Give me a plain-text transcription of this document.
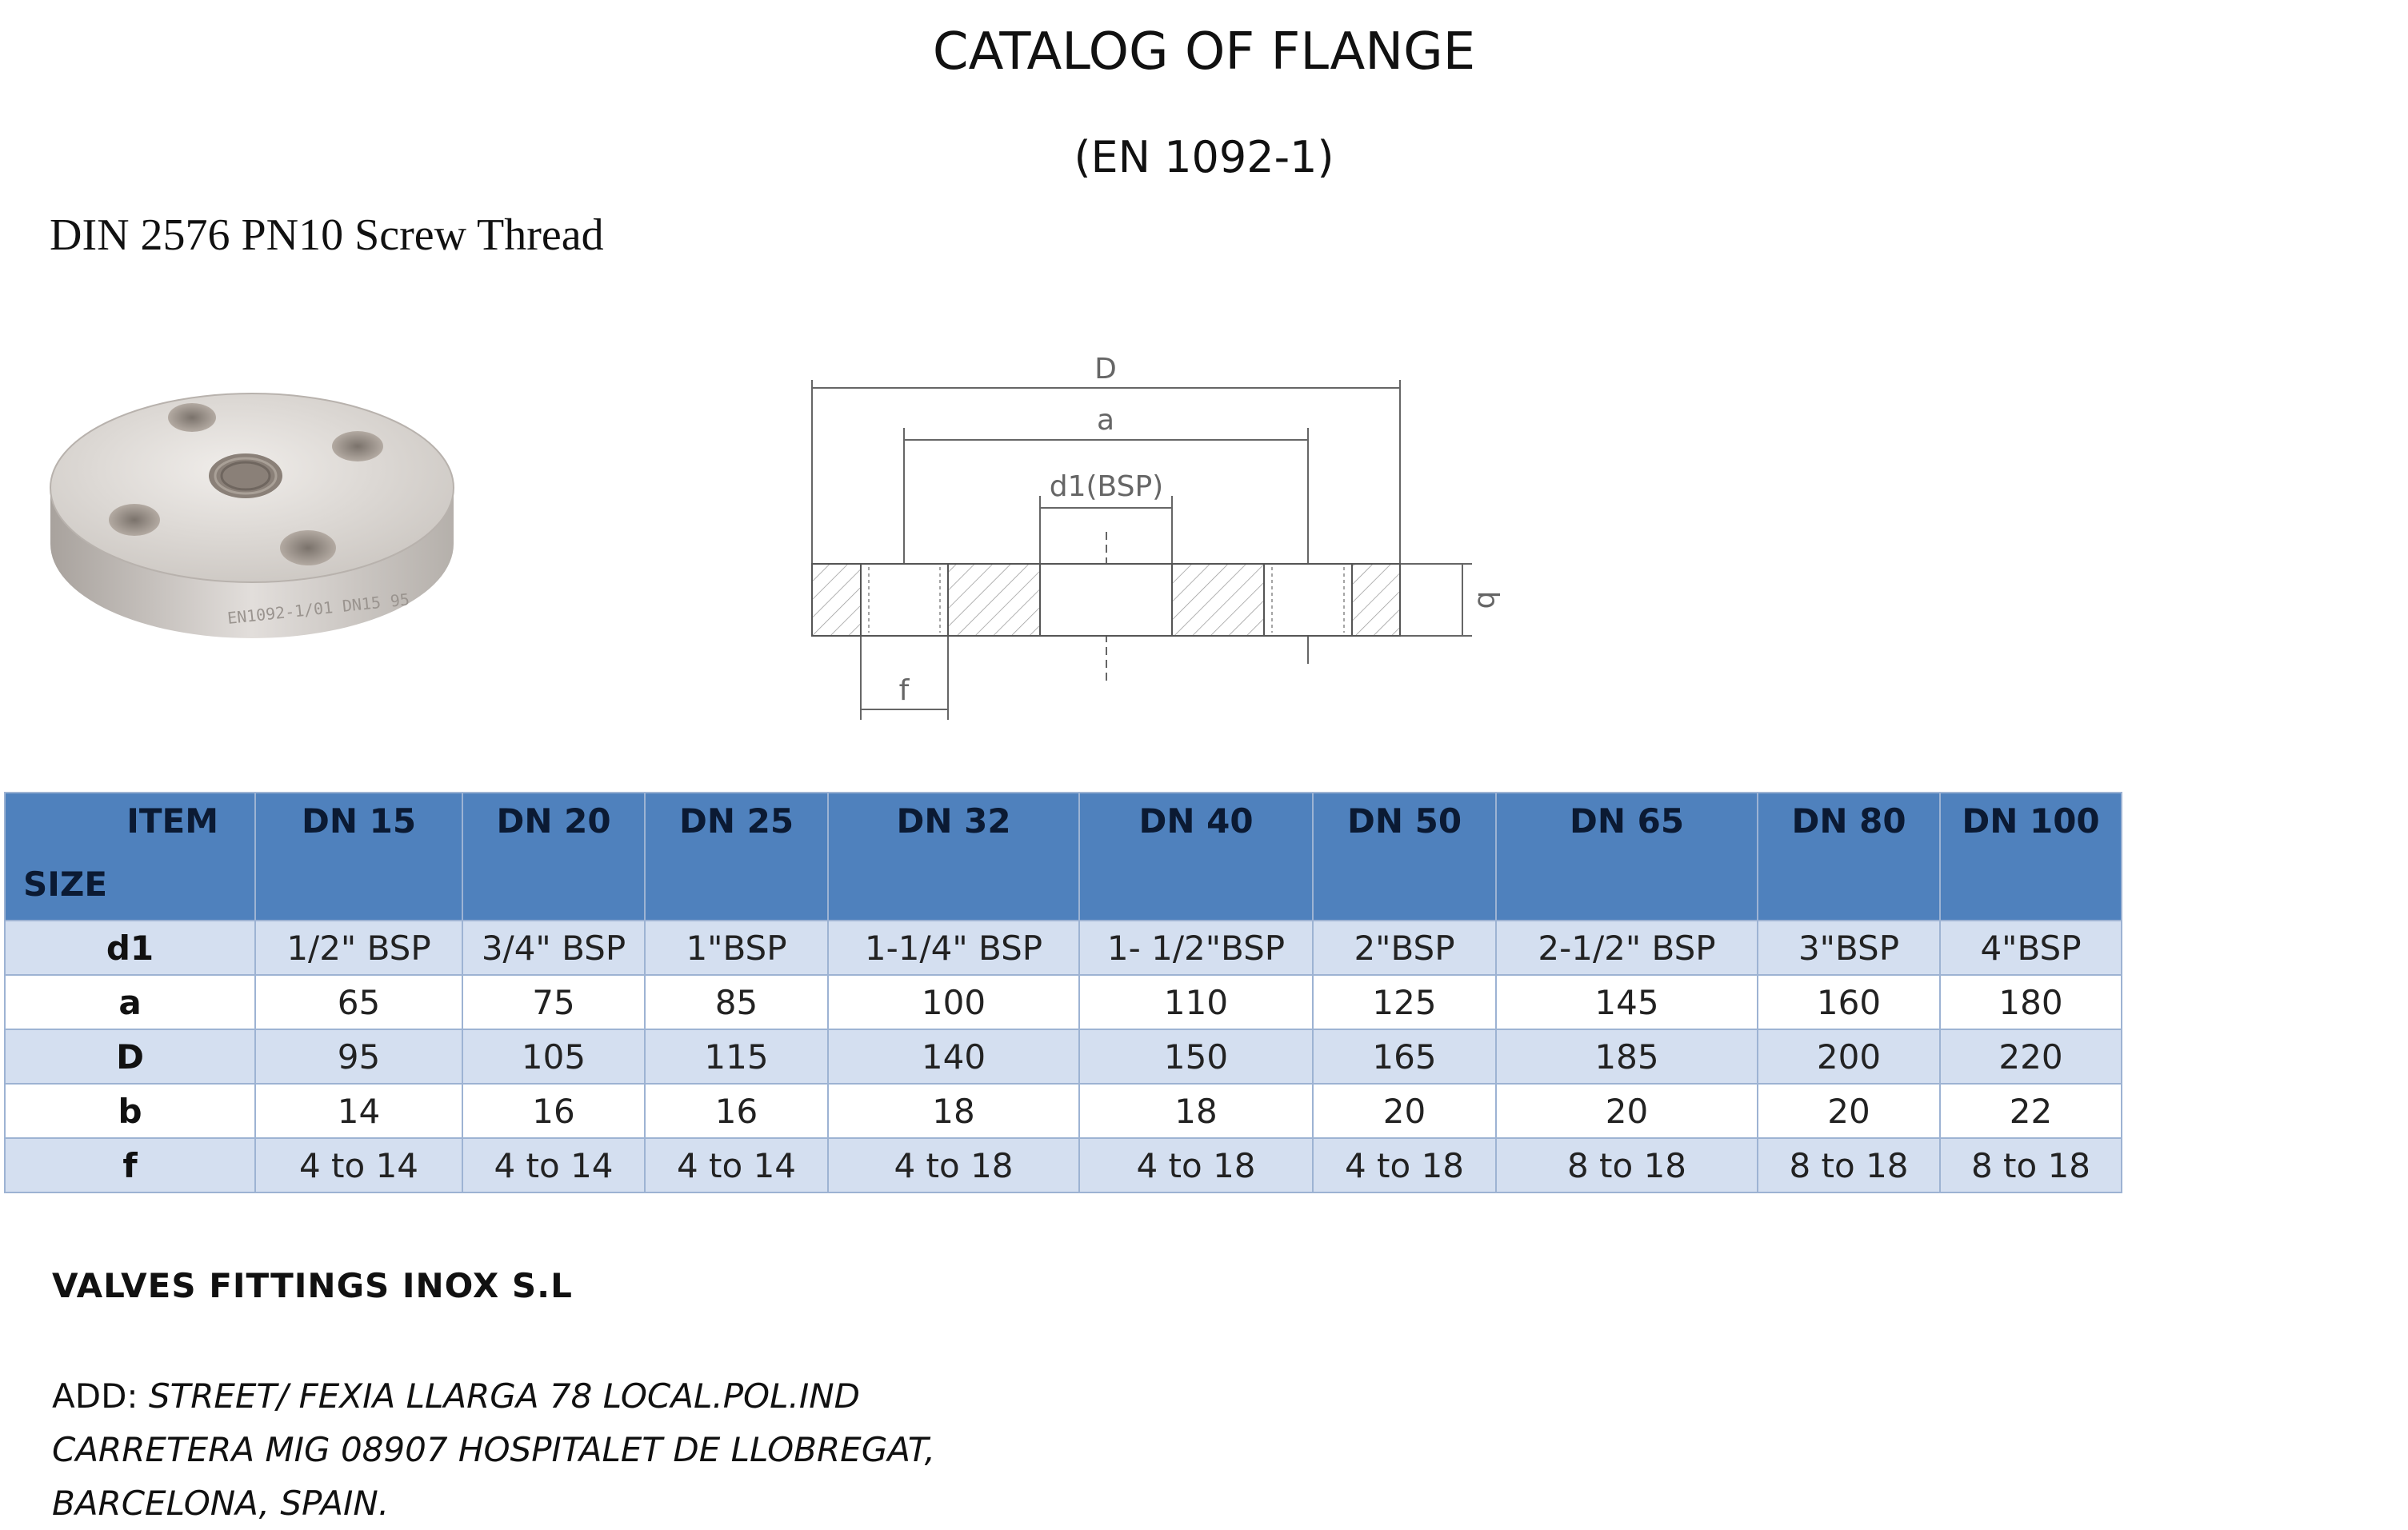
CATALOG OF FLANGE
(EN 1092-1)
DIN 2576 PN10 Screw Thread
EN1092-1/01 DN15 95
D
a
d1(BSP)
f
b
ITEM
SIZE	DN 15	DN 20	DN 25	DN 32	DN 40	DN 50	DN 65	DN 80	DN 100
d1	1/2" BSP	3/4" BSP	1"BSP	1-1/4" BSP	1- 1/2"BSP	2"BSP	2-1/2" BSP	3"BSP	4"BSP
a	65	75	85	100	110	125	145	160	180
D	95	105	115	140	150	165	185	200	220
b	14	16	16	18	18	20	20	20	22
f	4 to 14	4 to 14	4 to 14	4 to 18	4 to 18	4 to 18	8 to 18	8 to 18	8 to 18
VALVES FITTINGS INOX S.L
ADD: STREET/ FEXIA LLARGA 78 LOCAL.POL.IND
CARRETERA MIG 08907 HOSPITALET DE LLOBREGAT,
BARCELONA, SPAIN.
